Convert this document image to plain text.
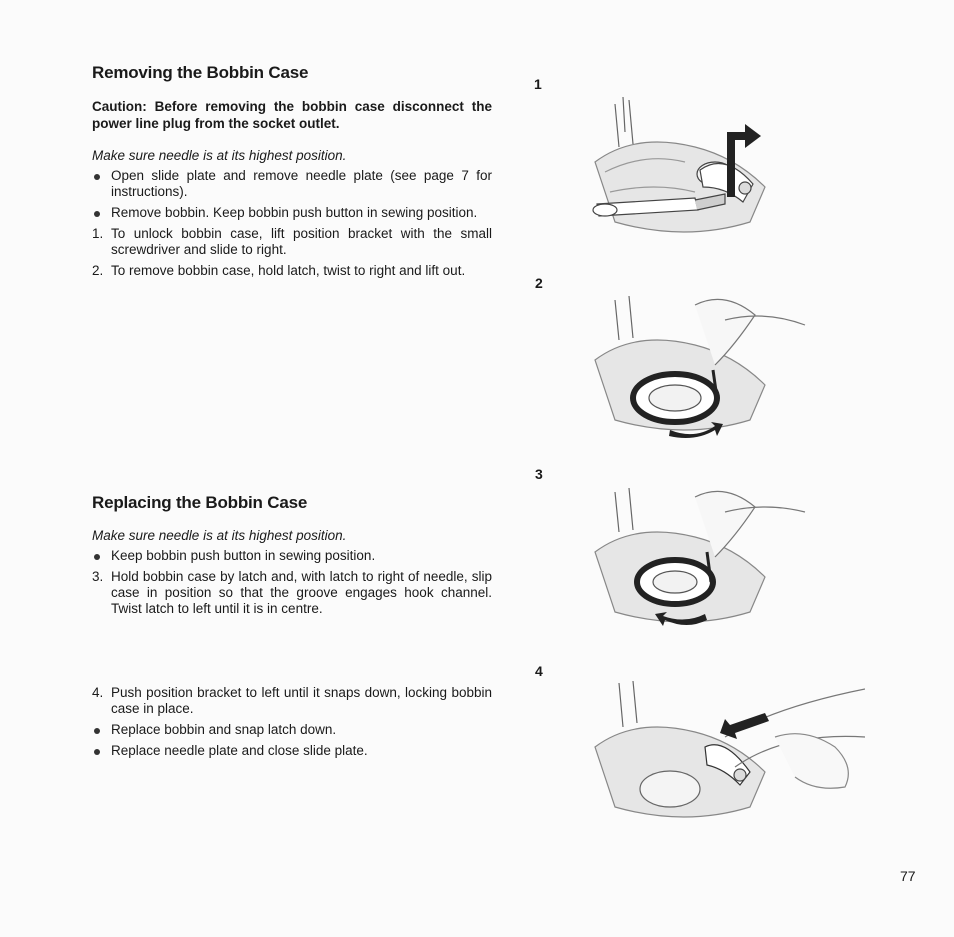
Removing the Bobbin Case
Caution: Before removing the bobbin case disconnect the power line plug from the socket outlet.
Make sure needle is at its highest position.
Open slide plate and remove needle plate (see page 7 for instructions).
Remove bobbin. Keep bobbin push button in sewing position.
1. To unlock bobbin case, lift position bracket with the small screwdriver and slide to right.
2. To remove bobbin case, hold latch, twist to right and lift out.
Replacing the Bobbin Case
Make sure needle is at its highest position.
Keep bobbin push button in sewing position.
3. Hold bobbin case by latch and, with latch to right of needle, slip case in position so that the groove engages hook channel. Twist latch to left until it is in centre.
4. Push position bracket to left until it snaps down, locking bobbin case in place.
Replace bobbin and snap latch down.
Replace needle plate and close slide plate.
1
2
3
4
77
